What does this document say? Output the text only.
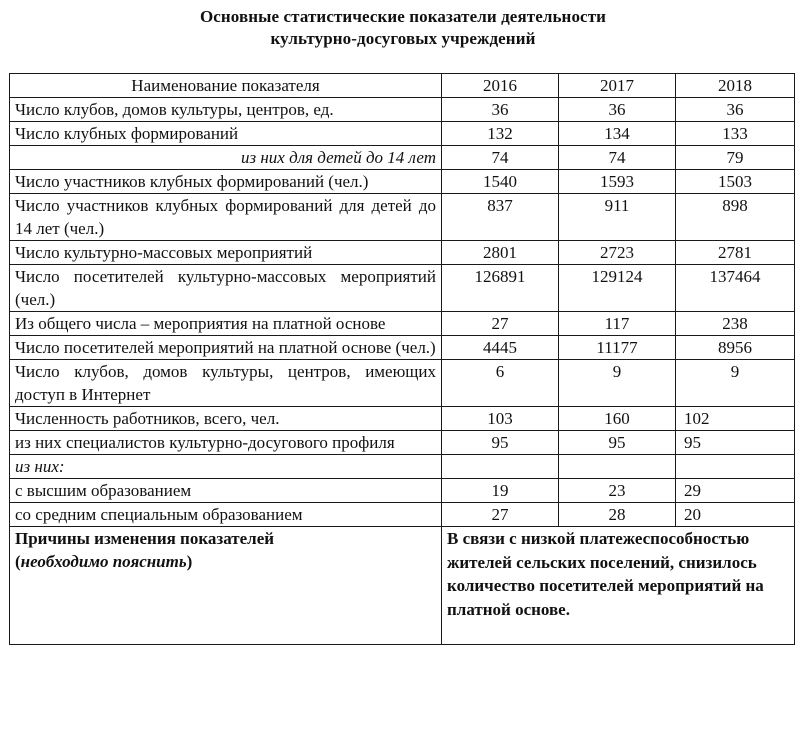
Основные статистические показатели деятельности
культурно-досуговых учреждений
Наименование показателя	2016	2017	2018
Число клубов, домов культуры, центров, ед.	36	36	36
Число клубных формирований	132	134	133
из них для детей до 14 лет	74	74	79
Число участников клубных формирований (чел.)	1540	1593	1503
Число участников клубных формирований для детей до 14 лет (чел.)	837	911	898
Число культурно-массовых мероприятий	2801	2723	2781
Число посетителей культурно-массовых мероприятий (чел.)	126891	129124	137464
Из общего числа – мероприятия на платной основе	27	117	238
Число посетителей мероприятий на платной основе (чел.)	4445	11177	8956
Число клубов, домов культуры, центров, имеющих доступ в Интернет	6	9	9
Численность работников, всего, чел.	103	160	102
из них специалистов культурно-досугового профиля	95	95	95
из них:			
с высшим образованием	19	23	29
со средним специальным образованием	27	28	20

Причины изменения показателей
(необходимо пояснить)	В связи с низкой платежеспособностью жителей сельских поселений, снизилось количество посетителей мероприятий на платной основе.		
